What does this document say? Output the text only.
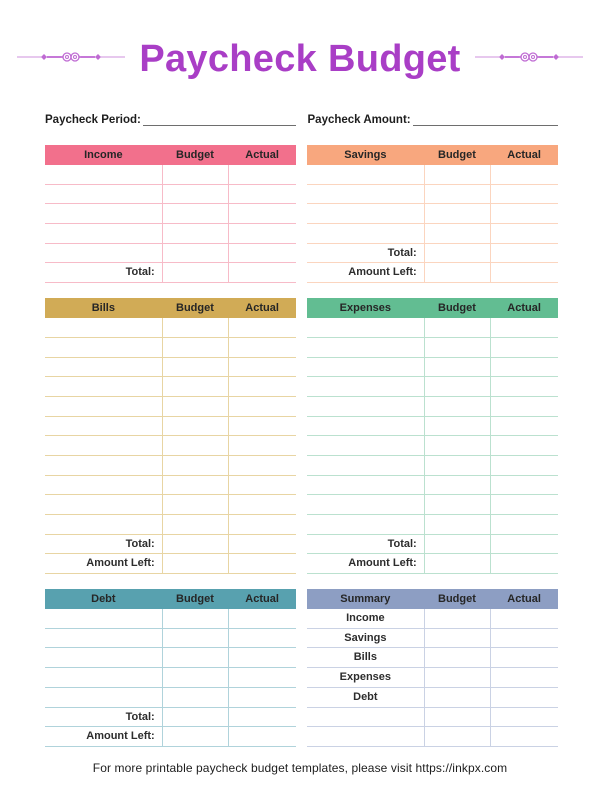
Paycheck Budget
Paycheck Period:	Paycheck Amount:
Income	Budget	Actual
Total:
Savings	Budget	Actual
Total:
Amount Left:
Bills	Budget	Actual
Total:
Amount Left:
Expenses	Budget	Actual
Total:
Amount Left:
Debt	Budget	Actual
Total:
Amount Left:
Summary	Budget	Actual
Income
Savings
Bills
Expenses
Debt
For more printable paycheck budget templates, please visit https://inkpx.com
